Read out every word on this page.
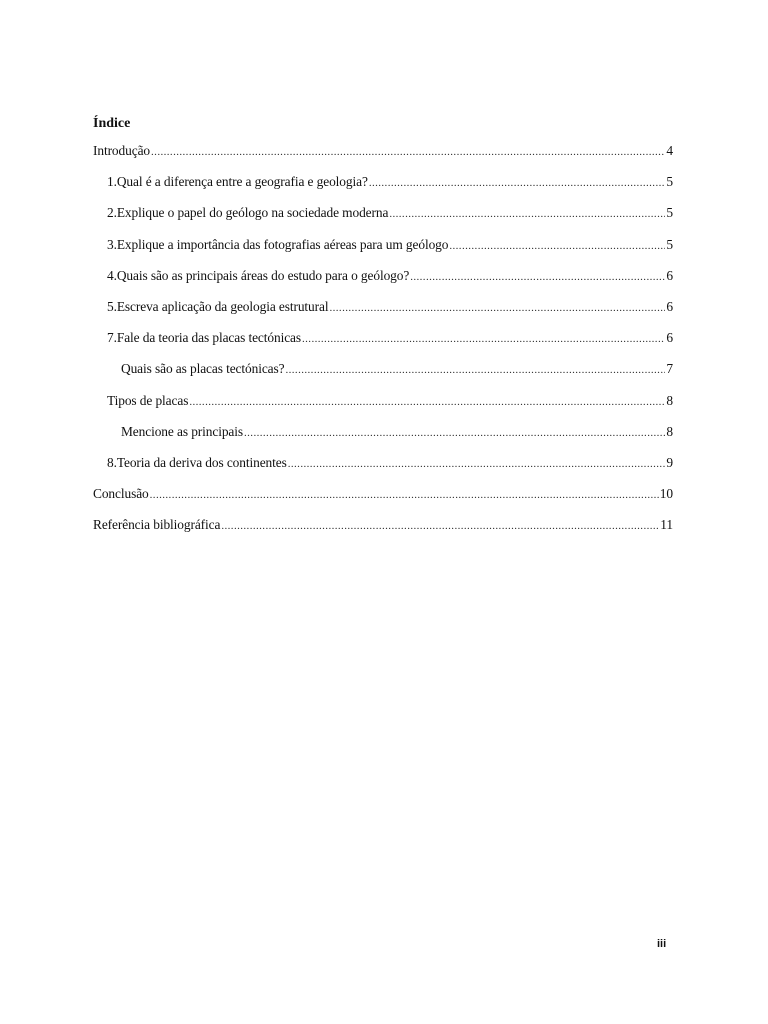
Índice
Introdução .....	4
1.Qual é a diferença entre a geografia e geologia? .....	5
2.Explique o papel do geólogo na sociedade moderna .....	5
3.Explique a importância das fotografias aéreas para um geólogo .....	5
4.Quais são as principais áreas do estudo para o geólogo? .....	6
5.Escreva aplicação da geologia estrutural .....	6
7.Fale da teoria das placas tectónicas .....	6
Quais são as placas tectónicas? .....	7
Tipos de placas .....	8
Mencione as principais .....	8
8.Teoria da deriva dos continentes .....	9
Conclusão .....	10
Referência bibliográfica .....	11
iii
